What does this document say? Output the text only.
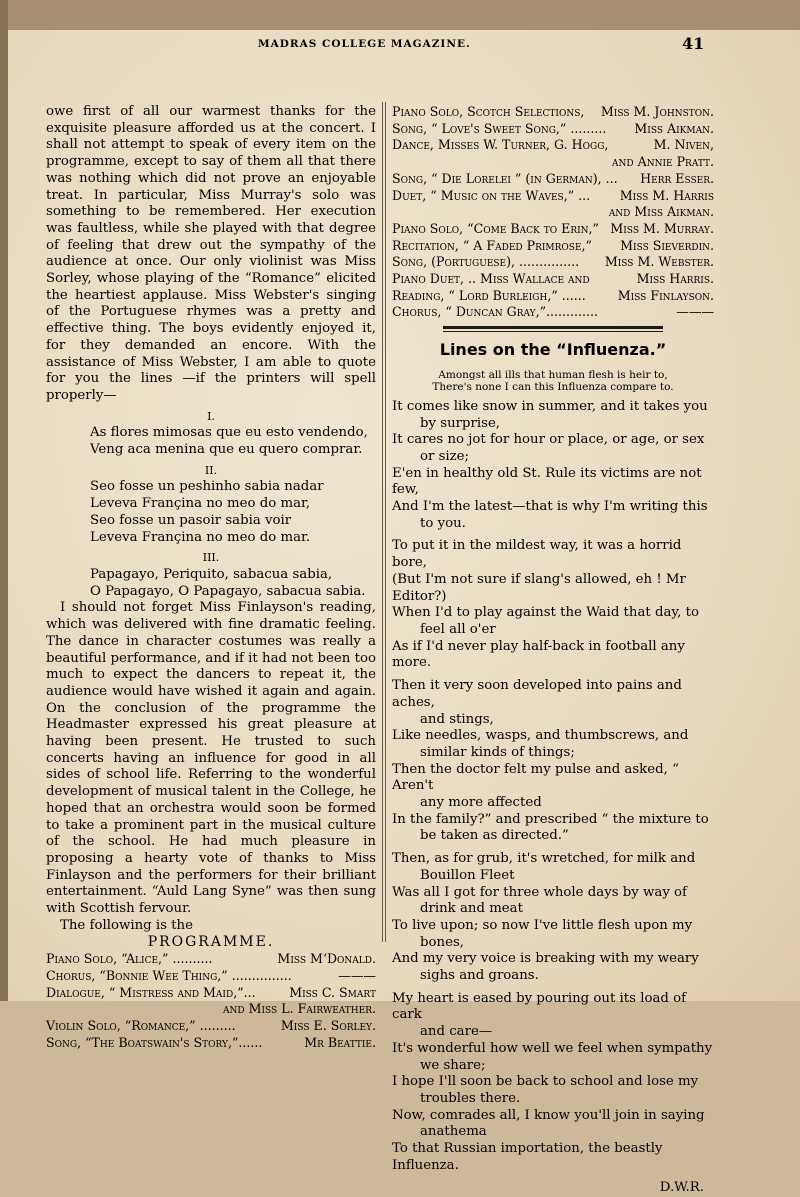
MADRAS COLLEGE MAGAZINE.	41

owe first of all our warmest thanks for the exquisite pleasure afforded us at the concert. I shall not attempt to speak of every item on the programme, except to say of them all that there was nothing which did not prove an enjoyable treat. In particular, Miss Murray's solo was something to be remembered. Her execution was faultless, while she played with that degree of feeling that drew out the sympathy of the audience at once. Our only violinist was Miss Sorley, whose playing of the “Romance” elicited the heartiest applause. Miss Webster's singing of the Portuguese rhymes was a pretty and effective thing. The boys evidently enjoyed it, for they demanded an encore. With the assistance of Miss Webster, I am able to quote for you the lines —if the printers will spell properly—

I.
As flores mimosas que eu esto vendendo,
Veng aca menina que eu quero comprar.
II.
Seo fosse un peshinho sabia nadar
Leveva Françina no meo do mar,
Seo fosse un pasoir sabia voir
Leveva Françina no meo do mar.
III.
Papagayo, Periquito, sabacua sabia,
O Papagayo, O Papagayo, sabacua sabia.

I should not forget Miss Finlayson's reading, which was delivered with fine dramatic feeling. The dance in character costumes was really a beautiful performance, and if it had not been too much to expect the dancers to repeat it, the audience would have wished it again and again. On the conclusion of the programme the Headmaster expressed his great pleasure at having been present. He trusted to such concerts having an influence for good in all sides of school life. Referring to the wonderful development of musical talent in the College, he hoped that an orchestra would soon be formed to take a prominent part in the musical culture of the school. He had much pleasure in proposing a hearty vote of thanks to Miss Finlayson and the performers for their brilliant entertainment. “Auld Lang Syne” was then sung with Scottish fervour.

The following is the

PROGRAMME.

Piano Solo, “Alice,” ..........	Miss M‘Donald.
Chorus, “Bonnie Wee Thing,” ...............	———
Dialogue, “ Mistress and Maid,”...	Miss C. Smart
and Miss L. Fairweather.
Violin Solo, “Romance,” .........	Miss E. Sorley.
Song, “The Boatswain's Story,”......	Mr Beattie.
Piano Solo, Scotch Selections, Miss M. Johnston.
Song, “ Love's Sweet Song,” ......... Miss Aikman.
Dance, Misses W. Turner, G. Hogg,	M. Niven,
and Annie Pratt.
Song, “ Die Lorelei ” (in German), ... Herr Esser.
Duet, “ Music on the Waves,” ... Miss M. Harris
and Miss Aikman.
Piano Solo, “Come Back to Erin,” Miss M. Murray.
Recitation, “ A Faded Primrose,” Miss Sieverdin.
Song, (Portuguese), ............... Miss M. Webster.
Piano Duet, .. Miss Wallace and	Miss Harris.
Reading, “ Lord Burleigh,” ......	Miss Finlayson.
Chorus, “ Duncan Gray,”.............	———
Lines on the “Influenza.”
Amongst all ills that human flesh is heir to,
There's none I can this Influenza compare to.
It comes like snow in summer, and it takes you
by surprise,
It cares no jot for hour or place, or age, or sex
or size;
E'en in healthy old St. Rule its victims are not few,
And I'm the latest—that is why I'm writing this
to you.
To put it in the mildest way, it was a horrid bore,
(But I'm not sure if slang's allowed, eh ! Mr Editor?)
When I'd to play against the Waid that day, to
feel all o'er
As if I'd never play half-back in football any more.
Then it very soon developed into pains and aches,
and stings,
Like needles, wasps, and thumbscrews, and
similar kinds of things;
Then the doctor felt my pulse and asked, “ Aren't
any more affected
In the family?” and prescribed “ the mixture to
be taken as directed.”
Then, as for grub, it's wretched, for milk and
Bouillon Fleet
Was all I got for three whole days by way of
drink and meat
To live upon; so now I've little flesh upon my
bones,
And my very voice is breaking with my weary
sighs and groans.
My heart is eased by pouring out its load of cark
and care—
It's wonderful how well we feel when sympathy
we share;
I hope I'll soon be back to school and lose my
troubles there.
Now, comrades all, I know you'll join in saying
anathema
To that Russian importation, the beastly Influenza.
D.W.R.
